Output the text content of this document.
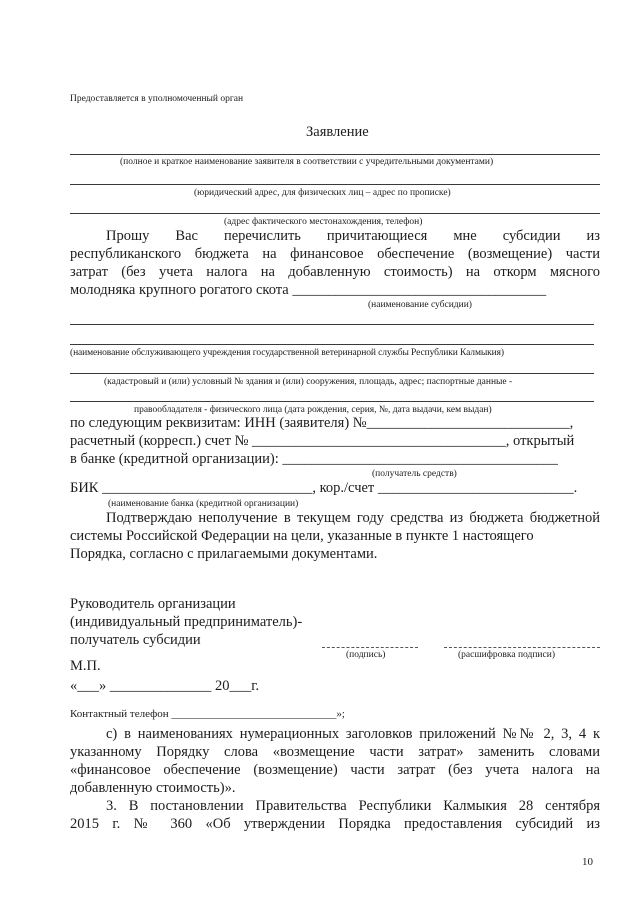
Предоставляется в уполномоченный орган
Заявление
(полное и краткое наименование заявителя в соответствии с учредительными документами)
(юридический адрес, для физических лиц – адрес по прописке)
(адрес фактического местонахождения, телефон)
Прошу Вас перечислить причитающиеся мне субсидии из
республиканского бюджета на финансовое обеспечение (возмещение) части
затрат (без учета налога на добавленную стоимость) на откорм мясного
молодняка крупного рогатого скота ___________________________________
(наименование субсидии)
(наименование обслуживающего учреждения государственной ветеринарной службы Республики Калмыкия)
(кадастровый и (или) условный № здания и (или) сооружения, площадь, адрес; паспортные данные -
правообладателя - физического лица (дата рождения, серия, №, дата выдачи, кем выдан)
по следующим реквизитам: ИНН (заявителя) №____________________________,
расчетный (корресп.) счет № ___________________________________, открытый
в банке (кредитной организации): ______________________________________
(получатель средств)
БИК _____________________________, кор./счет ___________________________.
(наименование банка (кредитной организации)
Подтверждаю неполучение в текущем году средства из бюджета бюджетной
системы Российской Федерации на цели, указанные в пункте 1 настоящего
Порядка, согласно с прилагаемыми документами.
Руководитель организации
(индивидуальный предприниматель)-
получатель субсидии
(подпись)	(расшифровка подписи)
М.П.
«___» ______________ 20___г.
Контактный телефон ______________________________»;
с) в наименованиях нумерационных заголовков приложений №№ 2, 3, 4 к
указанному Порядку слова «возмещение части затрат» заменить словами
«финансовое обеспечение (возмещение) части затрат (без учета налога на
добавленную стоимость)».
3. В постановлении Правительства Республики Калмыкия 28 сентября
2015 г. № 360 «Об утверждении Порядка предоставления субсидий из
10
